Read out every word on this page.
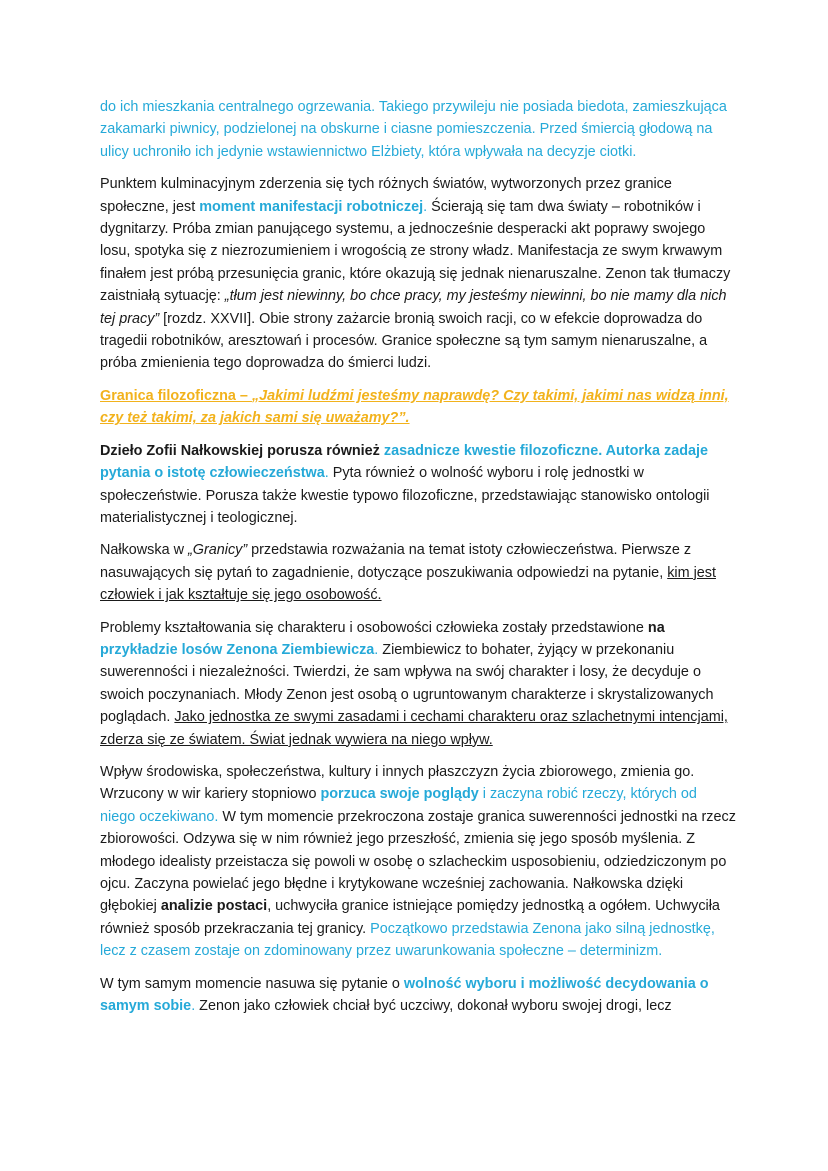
do ich mieszkania centralnego ogrzewania. Takiego przywileju nie posiada biedota, zamieszkująca zakamarki piwnicy, podzielonej na obskurne i ciasne pomieszczenia. Przed śmiercią głodową na ulicy uchroniło ich jedynie wstawiennictwo Elżbiety, która wpływała na decyzje ciotki.

Punktem kulminacyjnym zderzenia się tych różnych światów, wytworzonych przez granice społeczne, jest moment manifestacji robotniczej. Ścierają się tam dwa światy – robotników i dygnitarzy. Próba zmian panującego systemu, a jednocześnie desperacki akt poprawy swojego losu, spotyka się z niezrozumieniem i wrogością ze strony władz. Manifestacja ze swym krwawym finałem jest próbą przesunięcia granic, które okazują się jednak nienaruszalne. Zenon tak tłumaczy zaistniałą sytuację: „tłum jest niewinny, bo chce pracy, my jesteśmy niewinni, bo nie mamy dla nich tej pracy” [rozdz. XXVII]. Obie strony zażarcie bronią swoich racji, co w efekcie doprowadza do tragedii robotników, aresztowań i procesów. Granice społeczne są tym samym nienaruszalne, a próba zmienienia tego doprowadza do śmierci ludzi.

Granica filozoficzna – „Jakimi ludźmi jesteśmy naprawdę? Czy takimi, jakimi nas widzą inni, czy też takimi, za jakich sami się uważamy?”.

Dzieło Zofii Nałkowskiej porusza również zasadnicze kwestie filozoficzne. Autorka zadaje pytania o istotę człowieczeństwa. Pyta również o wolność wyboru i rolę jednostki w społeczeństwie. Porusza także kwestie typowo filozoficzne, przedstawiając stanowisko ontologii materialistycznej i teologicznej.

Nałkowska w „Granicy” przedstawia rozważania na temat istoty człowieczeństwa. Pierwsze z nasuwających się pytań to zagadnienie, dotyczące poszukiwania odpowiedzi na pytanie, kim jest człowiek i jak kształtuje się jego osobowość.

Problemy kształtowania się charakteru i osobowości człowieka zostały przedstawione na przykładzie losów Zenona Ziembiewicza. Ziembiewicz to bohater, żyjący w przekonaniu suwerenności i niezależności. Twierdzi, że sam wpływa na swój charakter i losy, że decyduje o swoich poczynaniach. Młody Zenon jest osobą o ugruntowanym charakterze i skrystalizowanych poglądach. Jako jednostka ze swymi zasadami i cechami charakteru oraz szlachetnymi intencjami, zderza się ze światem. Świat jednak wywiera na niego wpływ.

Wpływ środowiska, społeczeństwa, kultury i innych płaszczyzn życia zbiorowego, zmienia go. Wrzucony w wir kariery stopniowo porzuca swoje poglądy i zaczyna robić rzeczy, których od niego oczekiwano. W tym momencie przekroczona zostaje granica suwerenności jednostki na rzecz zbiorowości. Odzywa się w nim również jego przeszłość, zmienia się jego sposób myślenia. Z młodego idealisty przeistacza się powoli w osobę o szlacheckim usposobieniu, odziedziczonym po ojcu. Zaczyna powielać jego błędne i krytykowane wcześniej zachowania. Nałkowska dzięki głębokiej analizie postaci, uchwyciła granice istniejące pomiędzy jednostką a ogółem. Uchwyciła również sposób przekraczania tej granicy. Początkowo przedstawia Zenona jako silną jednostkę, lecz z czasem zostaje on zdominowany przez uwarunkowania społeczne – determinizm.

W tym samym momencie nasuwa się pytanie o wolność wyboru i możliwość decydowania o samym sobie. Zenon jako człowiek chciał być uczciwy, dokonał wyboru swojej drogi, lecz
